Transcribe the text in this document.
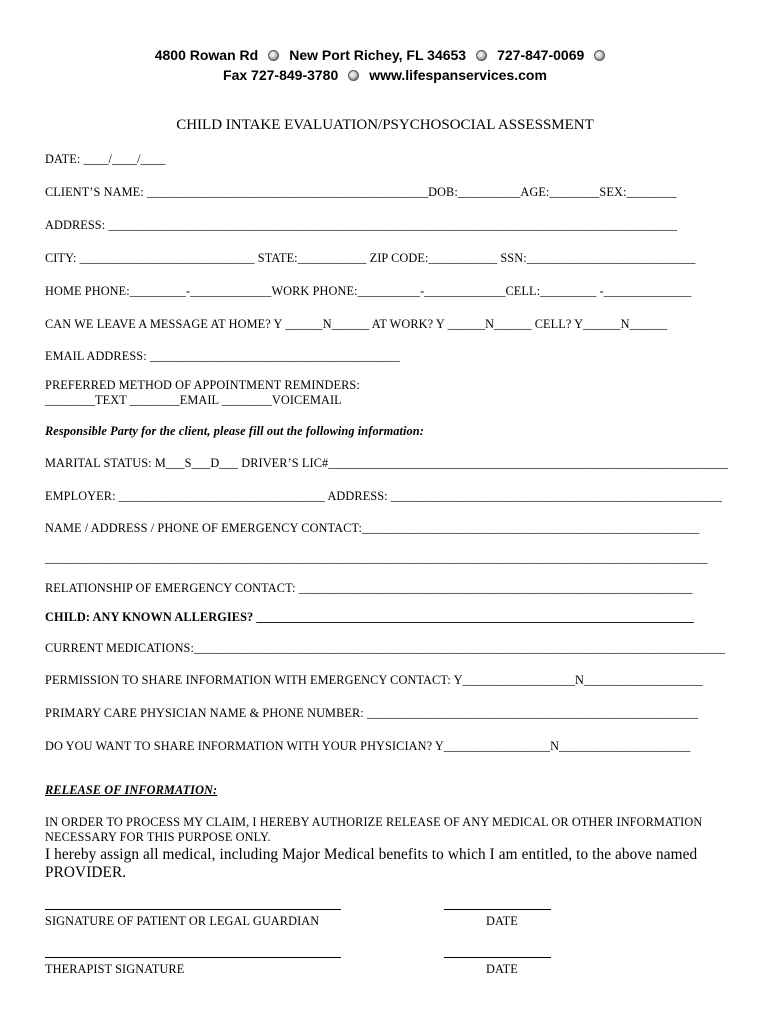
4800 Rowan Rd New Port Richey, FL 34653 727-847-0069
Fax 727-849-3780 www.lifespanservices.com
CHILD INTAKE EVALUATION/PSYCHOSOCIAL ASSESSMENT
DATE: ____/____/____
CLIENT’S NAME: _____________________________________________DOB:__________AGE:________SEX:________
ADDRESS: ___________________________________________________________________________________________
CITY: ____________________________ STATE:___________ ZIP CODE:___________ SSN:___________________________
HOME PHONE:_________-_____________WORK PHONE:__________-_____________CELL:_________ -______________
CAN WE LEAVE A MESSAGE AT HOME? Y ______N______ AT WORK? Y ______N______ CELL? Y______N______
EMAIL ADDRESS: ________________________________________
PREFERRED METHOD OF APPOINTMENT REMINDERS:
________TEXT ________EMAIL ________VOICEMAIL
Responsible Party for the client, please fill out the following information:
MARITAL STATUS: M___S___D___ DRIVER’S LIC#________________________________________________________________
EMPLOYER: _________________________________ ADDRESS: _____________________________________________________
NAME / ADDRESS / PHONE OF EMERGENCY CONTACT:______________________________________________________
__________________________________________________________________________________________________________
RELATIONSHIP OF EMERGENCY CONTACT: _______________________________________________________________
CHILD: ANY KNOWN ALLERGIES? ______________________________________________________________________
CURRENT MEDICATIONS:_____________________________________________________________________________________
PERMISSION TO SHARE INFORMATION WITH EMERGENCY CONTACT: Y__________________N___________________
PRIMARY CARE PHYSICIAN NAME & PHONE NUMBER: _____________________________________________________
DO YOU WANT TO SHARE INFORMATION WITH YOUR PHYSICIAN? Y_________________N_____________________
RELEASE OF INFORMATION:
IN ORDER TO PROCESS MY CLAIM, I HEREBY AUTHORIZE RELEASE OF ANY MEDICAL OR OTHER INFORMATION
NECESSARY FOR THIS PURPOSE ONLY.
I hereby assign all medical, including Major Medical benefits to which I am entitled, to the above named
PROVIDER.
SIGNATURE OF PATIENT OR LEGAL GUARDIAN	DATE
THERAPIST SIGNATURE	DATE
